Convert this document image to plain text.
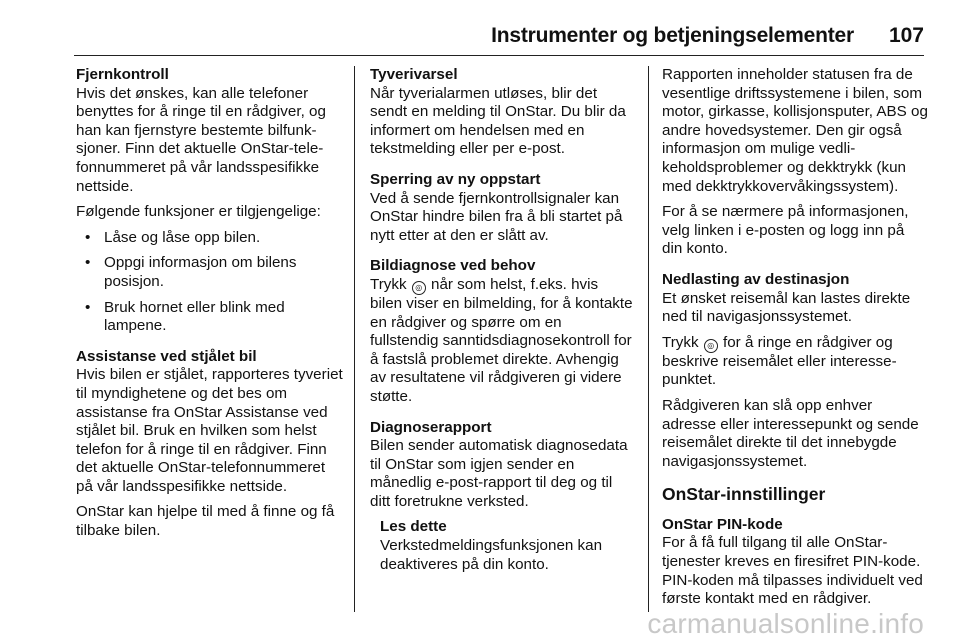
Instrumenter og betjeningselementer 107

Fjernkontroll

Hvis det ønskes, kan alle telefoner benyttes for å ringe til en rådgiver, og han kan fjernstyre bestemte bilfunksjoner. Finn det aktuelle OnStar-telefonnummeret på vår landsspesifikke nettside.

Følgende funksjoner er tilgjengelige:

• Låse og låse opp bilen.
• Oppgi informasjon om bilens posisjon.
• Bruk hornet eller blink med lampene.

Assistanse ved stjålet bil

Hvis bilen er stjålet, rapporteres tyveriet til myndighetene og det bes om assistanse fra OnStar Assistanse ved stjålet bil. Bruk en hvilken som helst telefon for å ringe til en rådgiver. Finn det aktuelle OnStar-telefonnummeret på vår landsspesifikke nettside.

OnStar kan hjelpe til med å finne og få tilbake bilen.

Tyverivarsel

Når tyverialarmen utløses, blir det sendt en melding til OnStar. Du blir da informert om hendelsen med en tekstmelding eller per e-post.

Sperring av ny oppstart

Ved å sende fjernkontrollsignaler kan OnStar hindre bilen fra å bli startet på nytt etter at den er slått av.

Bildiagnose ved behov

Trykk ◎ når som helst, f.eks. hvis bilen viser en bilmelding, for å kontakte en rådgiver og spørre om en fullstendig sanntidsdiagnosekontroll for å fastslå problemet direkte. Avhengig av resultatene vil rådgiveren gi videre støtte.

Diagnoserapport

Bilen sender automatisk diagnosedata til OnStar som igjen sender en månedlig e-post-rapport til deg og til ditt foretrukne verksted.

Les dette

Verkstedmeldingsfunksjonen kan deaktiveres på din konto.

Rapporten inneholder statusen fra de vesentlige driftssystemene i bilen, som motor, girkasse, kollisjonsputer, ABS og andre hovedsystemer. Den gir også informasjon om mulige vedlikeholdsproblemer og dekktrykk (kun med dekktrykkovervåkingssystem).

For å se nærmere på informasjonen, velg linken i e-posten og logg inn på din konto.

Nedlasting av destinasjon

Et ønsket reisemål kan lastes direkte ned til navigasjonssystemet.

Trykk ◎ for å ringe en rådgiver og beskrive reisemålet eller interessepunktet.

Rådgiveren kan slå opp enhver adresse eller interessepunkt og sende reisemålet direkte til det innebygde navigasjonssystemet.

OnStar-innstillinger

OnStar PIN-kode

For å få full tilgang til alle OnStar-tjenester kreves en firesifret PIN-kode. PIN-koden må tilpasses individuelt ved første kontakt med en rådgiver.

carmanualsonline.info
